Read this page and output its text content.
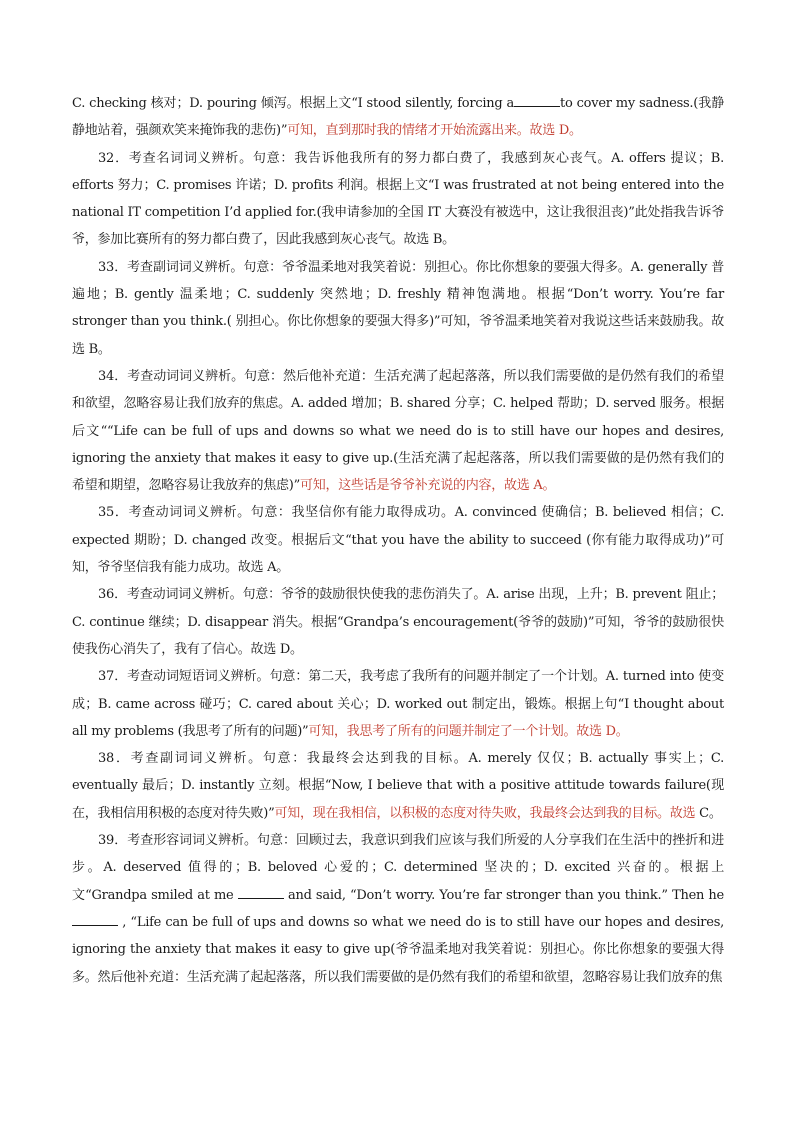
C. checking 核对；D. pouring 倾泻。根据上文“I stood silently, forcing a	to cover my sadness.(我静静地站着，强颜欢笑来掩饰我的悲伤)”可知，直到那时我的情绪才开始流露出来。故选 D。

32．考查名词词义辨析。句意：我告诉他我所有的努力都白费了，我感到灰心丧气。A. offers 提议；B. efforts 努力；C. promises 许诺；D. profits 利润。根据上文“I was frustrated at not being entered into the national IT competition I’d applied for.(我申请参加的全国 IT 大赛没有被选中，这让我很沮丧)”此处指我告诉爷爷，参加比赛所有的努力都白费了，因此我感到灰心丧气。故选 B。

33．考查副词词义辨析。句意：爷爷温柔地对我笑着说：别担心。你比你想象的要强大得多。A. generally 普遍地；B. gently 温柔地；C. suddenly 突然地；D. freshly 精神饱满地。根据“Don’t worry. You’re far stronger than you think.( 别担心。你比你想象的要强大得多)”可知，爷爷温柔地笑着对我说这些话来鼓励我。故选 B。

34．考查动词词义辨析。句意：然后他补充道：生活充满了起起落落，所以我们需要做的是仍然有我们的希望和欲望，忽略容易让我们放弃的焦虑。A. added 增加；B. shared 分享；C. helped 帮助；D. served 服务。根据后文““Life can be full of ups and downs so what we need do is to still have our hopes and desires, ignoring the anxiety that makes it easy to give up.(生活充满了起起落落，所以我们需要做的是仍然有我们的希望和期望，忽略容易让我放弃的焦虑)”可知，这些话是爷爷补充说的内容，故选 A。

35．考查动词词义辨析。句意：我坚信你有能力取得成功。A. convinced 使确信；B. believed 相信；C. expected 期盼；D. changed 改变。根据后文“that you have the ability to succeed (你有能力取得成功)”可知，爷爷坚信我有能力成功。故选 A。

36．考查动词词义辨析。句意：爷爷的鼓励很快使我的悲伤消失了。A. arise 出现，上升；B. prevent 阻止；C. continue 继续；D. disappear 消失。根据“Grandpa’s encouragement(爷爷的鼓励)”可知，爷爷的鼓励很快使我伤心消失了，我有了信心。故选 D。

37．考查动词短语词义辨析。句意：第二天，我考虑了我所有的问题并制定了一个计划。A. turned into 使变成；B. came across 碰巧；C. cared about 关心；D. worked out 制定出，锻炼。根据上句“I thought about all my problems (我思考了所有的问题)”可知，我思考了所有的问题并制定了一个计划。故选 D。

38．考查副词词义辨析。句意：我最终会达到我的目标。A. merely 仅仅；B. actually 事实上；C. eventually 最后；D. instantly 立刻。根据“Now, I believe that with a positive attitude towards failure(现在，我相信用积极的态度对待失败)”可知，现在我相信，以积极的态度对待失败，我最终会达到我的目标。故选 C。

39．考查形容词词义辨析。句意：回顾过去，我意识到我们应该与我们所爱的人分享我们在生活中的挫折和进步。A. deserved 值得的；B. beloved 心爱的；C. determined 坚决的；D. excited 兴奋的。根据上文“Grandpa smiled at me	and said, “Don’t worry. You’re far stronger than you think.” Then he  , “Life can be full of ups and downs so what we need do is to still have our hopes and desires, ignoring the anxiety that makes it easy to give up(爷爷温柔地对我笑着说：别担心。你比你想象的要强大得多。然后他补充道：生活充满了起起落落，所以我们需要做的是仍然有我们的希望和欲望，忽略容易让我们放弃的焦
